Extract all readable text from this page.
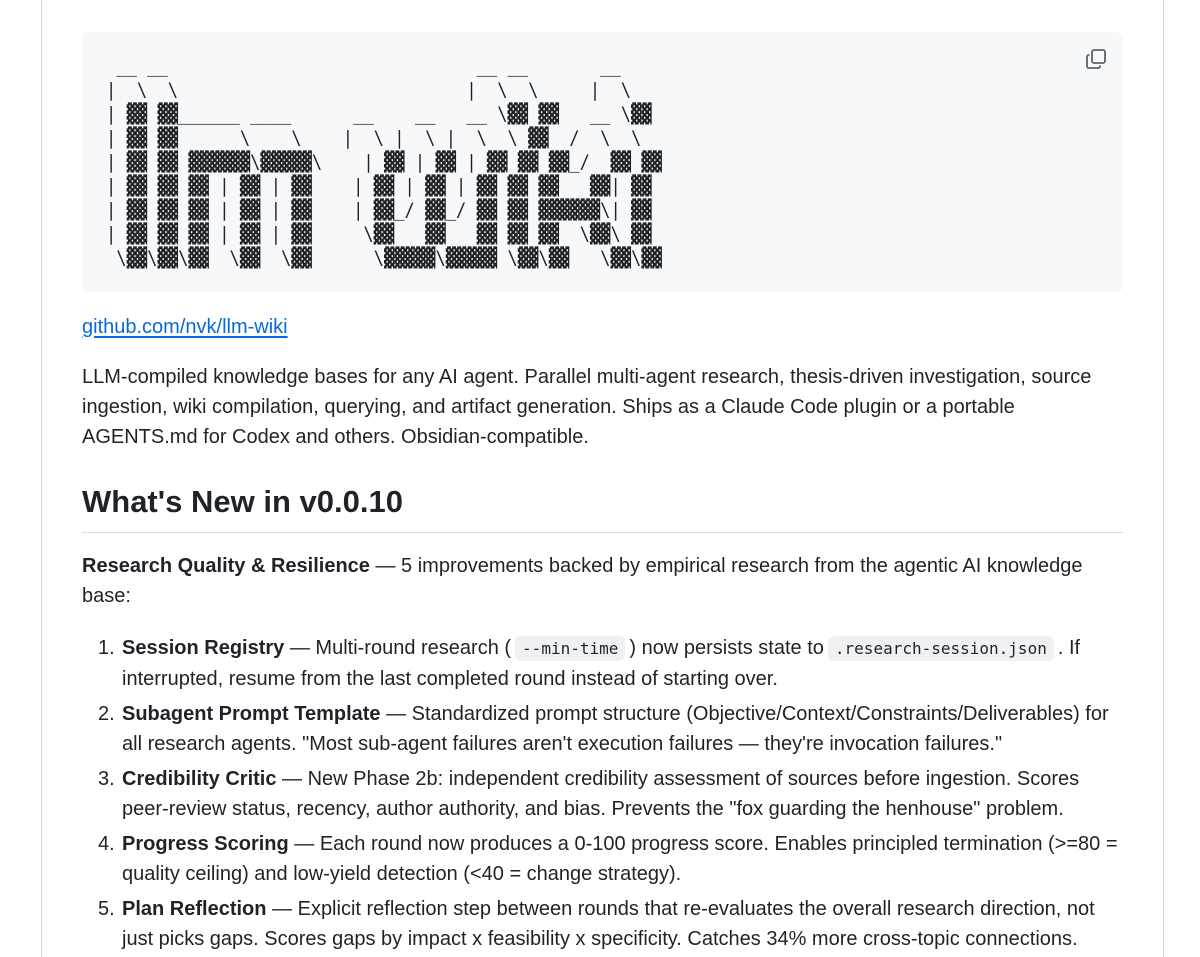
__ __                              __ __       __
|  \  \                            |  \  \     |  \
| ▓▓ ▓▓______ ____      __    __   __ \▓▓ ▓▓   __ \▓▓
| ▓▓ ▓▓      \    \    |  \ |  \ |  \  \ ▓▓  /  \  \
| ▓▓ ▓▓ ▓▓▓▓▓▓\▓▓▓▓▓\    | ▓▓ | ▓▓ | ▓▓ ▓▓ ▓▓_/  ▓▓ ▓▓
| ▓▓ ▓▓ ▓▓ | ▓▓ | ▓▓    | ▓▓ | ▓▓ | ▓▓ ▓▓ ▓▓   ▓▓| ▓▓
| ▓▓ ▓▓ ▓▓ | ▓▓ | ▓▓    | ▓▓_/ ▓▓_/ ▓▓ ▓▓ ▓▓▓▓▓▓\| ▓▓
| ▓▓ ▓▓ ▓▓ | ▓▓ | ▓▓     \▓▓   ▓▓   ▓▓ ▓▓ ▓▓  \▓▓\ ▓▓
\▓▓\▓▓\▓▓  \▓▓  \▓▓      \▓▓▓▓▓\▓▓▓▓▓ \▓▓\▓▓   \▓▓\▓▓
github.com/nvk/llm-wiki

LLM-compiled knowledge bases for any AI agent. Parallel multi-agent research, thesis-driven investigation, source ingestion, wiki compilation, querying, and artifact generation. Ships as a Claude Code plugin or a portable AGENTS.md for Codex and others. Obsidian-compatible.

What's New in v0.0.10

Research Quality & Resilience — 5 improvements backed by empirical research from the agentic AI knowledge base:

1. Session Registry — Multi-round research ( --min-time ) now persists state to .research-session.json . If interrupted, resume from the last completed round instead of starting over.
2. Subagent Prompt Template — Standardized prompt structure (Objective/Context/Constraints/Deliverables) for all research agents. "Most sub-agent failures aren't execution failures — they're invocation failures."
3. Credibility Critic — New Phase 2b: independent credibility assessment of sources before ingestion. Scores peer-review status, recency, author authority, and bias. Prevents the "fox guarding the henhouse" problem.
4. Progress Scoring — Each round now produces a 0-100 progress score. Enables principled termination (>=80 = quality ceiling) and low-yield detection (<40 = change strategy).
5. Plan Reflection — Explicit reflection step between rounds that re-evaluates the overall research direction, not just picks gaps. Scores gaps by impact x feasibility x specificity. Catches 34% more cross-topic connections.
